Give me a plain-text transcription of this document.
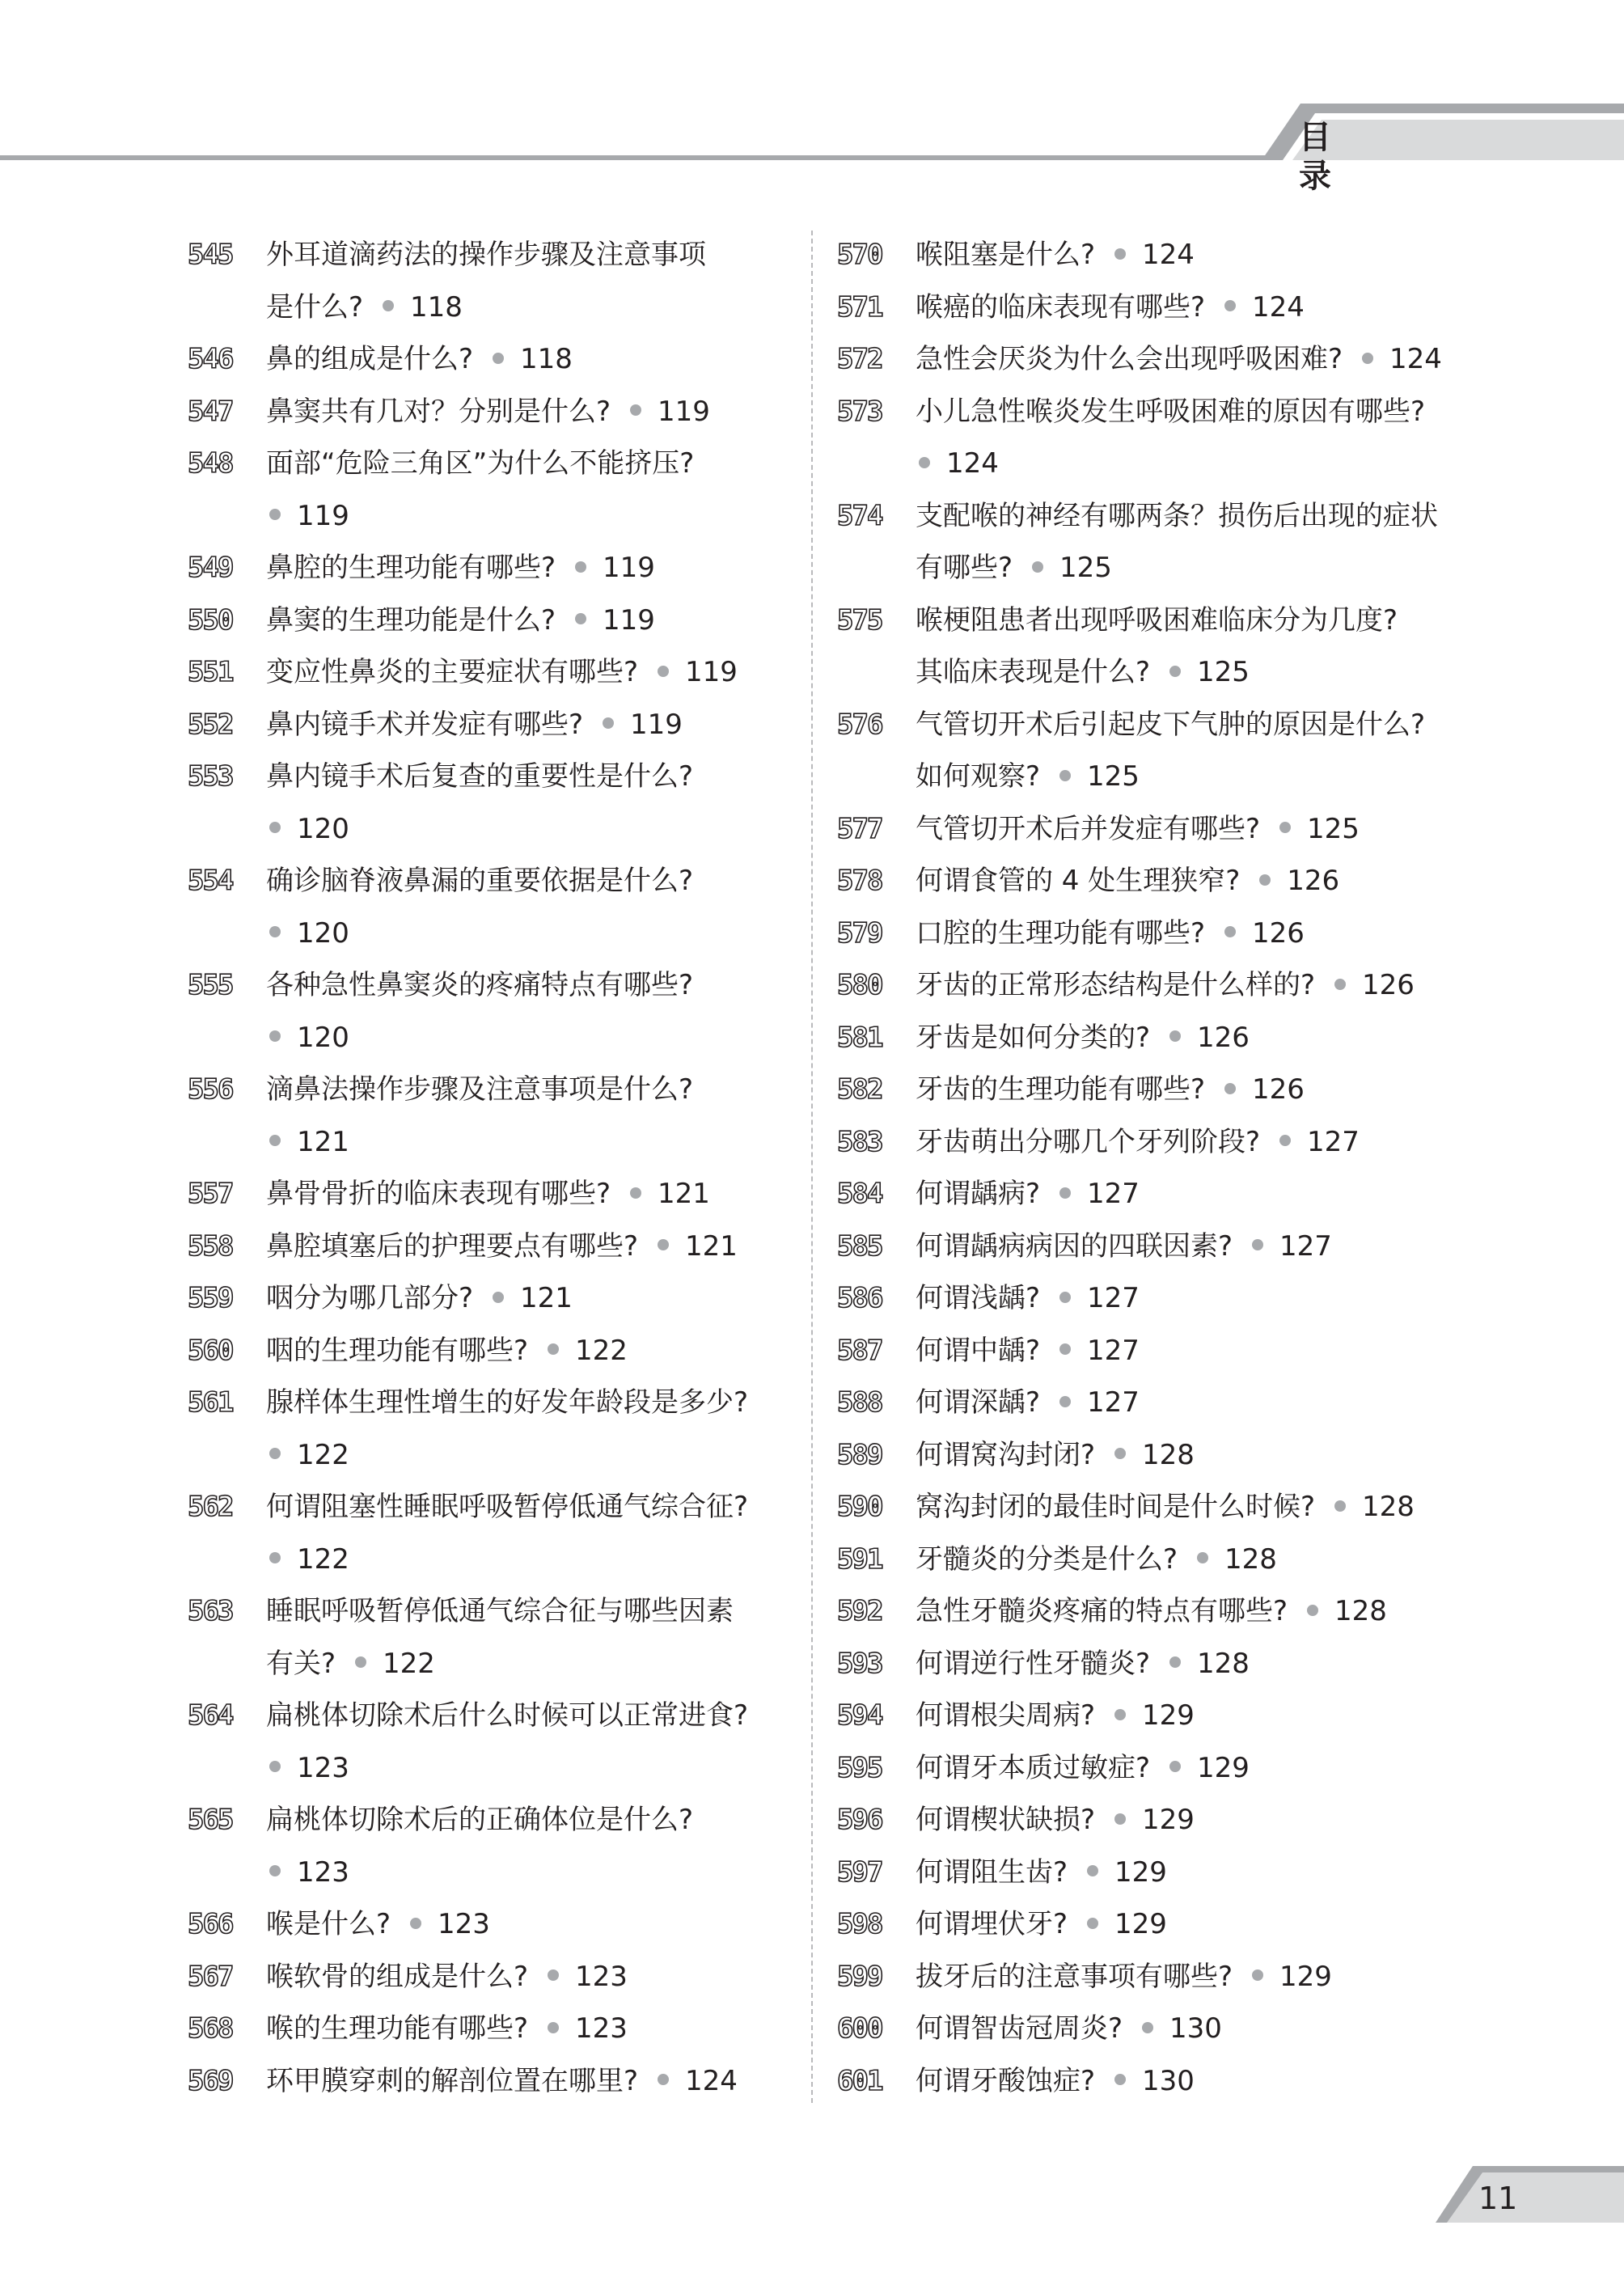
目录
545	外耳道滴药法的操作步骤及注意事项
是什么? 118
546	鼻的组成是什么? 118
547	鼻窦共有几对？分别是什么? 119
548	面部“危险三角区”为什么不能挤压?
119
549	鼻腔的生理功能有哪些? 119
550	鼻窦的生理功能是什么? 119
551	变应性鼻炎的主要症状有哪些? 119
552	鼻内镜手术并发症有哪些? 119
553	鼻内镜手术后复查的重要性是什么?
120
554	确诊脑脊液鼻漏的重要依据是什么?
120
555	各种急性鼻窦炎的疼痛特点有哪些?
120
556	滴鼻法操作步骤及注意事项是什么?
121
557	鼻骨骨折的临床表现有哪些? 121
558	鼻腔填塞后的护理要点有哪些? 121
559	咽分为哪几部分? 121
560	咽的生理功能有哪些? 122
561	腺样体生理性增生的好发年龄段是多少?
122
562	何谓阻塞性睡眠呼吸暂停低通气综合征?
122
563	睡眠呼吸暂停低通气综合征与哪些因素
有关? 122
564	扁桃体切除术后什么时候可以正常进食?
123
565	扁桃体切除术后的正确体位是什么?
123
566	喉是什么? 123
567	喉软骨的组成是什么? 123
568	喉的生理功能有哪些? 123
569	环甲膜穿刺的解剖位置在哪里? 124
570	喉阻塞是什么? 124
571	喉癌的临床表现有哪些? 124
572	急性会厌炎为什么会出现呼吸困难? 124
573	小儿急性喉炎发生呼吸困难的原因有哪些?
124
574	支配喉的神经有哪两条？损伤后出现的症状
有哪些? 125
575	喉梗阻患者出现呼吸困难临床分为几度?
其临床表现是什么? 125
576	气管切开术后引起皮下气肿的原因是什么?
如何观察? 125
577	气管切开术后并发症有哪些? 125
578	何谓食管的 4 处生理狭窄? 126
579	口腔的生理功能有哪些? 126
580	牙齿的正常形态结构是什么样的? 126
581	牙齿是如何分类的? 126
582	牙齿的生理功能有哪些? 126
583	牙齿萌出分哪几个牙列阶段? 127
584	何谓龋病? 127
585	何谓龋病病因的四联因素? 127
586	何谓浅龋? 127
587	何谓中龋? 127
588	何谓深龋? 127
589	何谓窝沟封闭? 128
590	窝沟封闭的最佳时间是什么时候? 128
591	牙髓炎的分类是什么? 128
592	急性牙髓炎疼痛的特点有哪些? 128
593	何谓逆行性牙髓炎? 128
594	何谓根尖周病? 129
595	何谓牙本质过敏症? 129
596	何谓楔状缺损? 129
597	何谓阻生齿? 129
598	何谓埋伏牙? 129
599	拔牙后的注意事项有哪些? 129
600	何谓智齿冠周炎? 130
601	何谓牙酸蚀症? 130
11
